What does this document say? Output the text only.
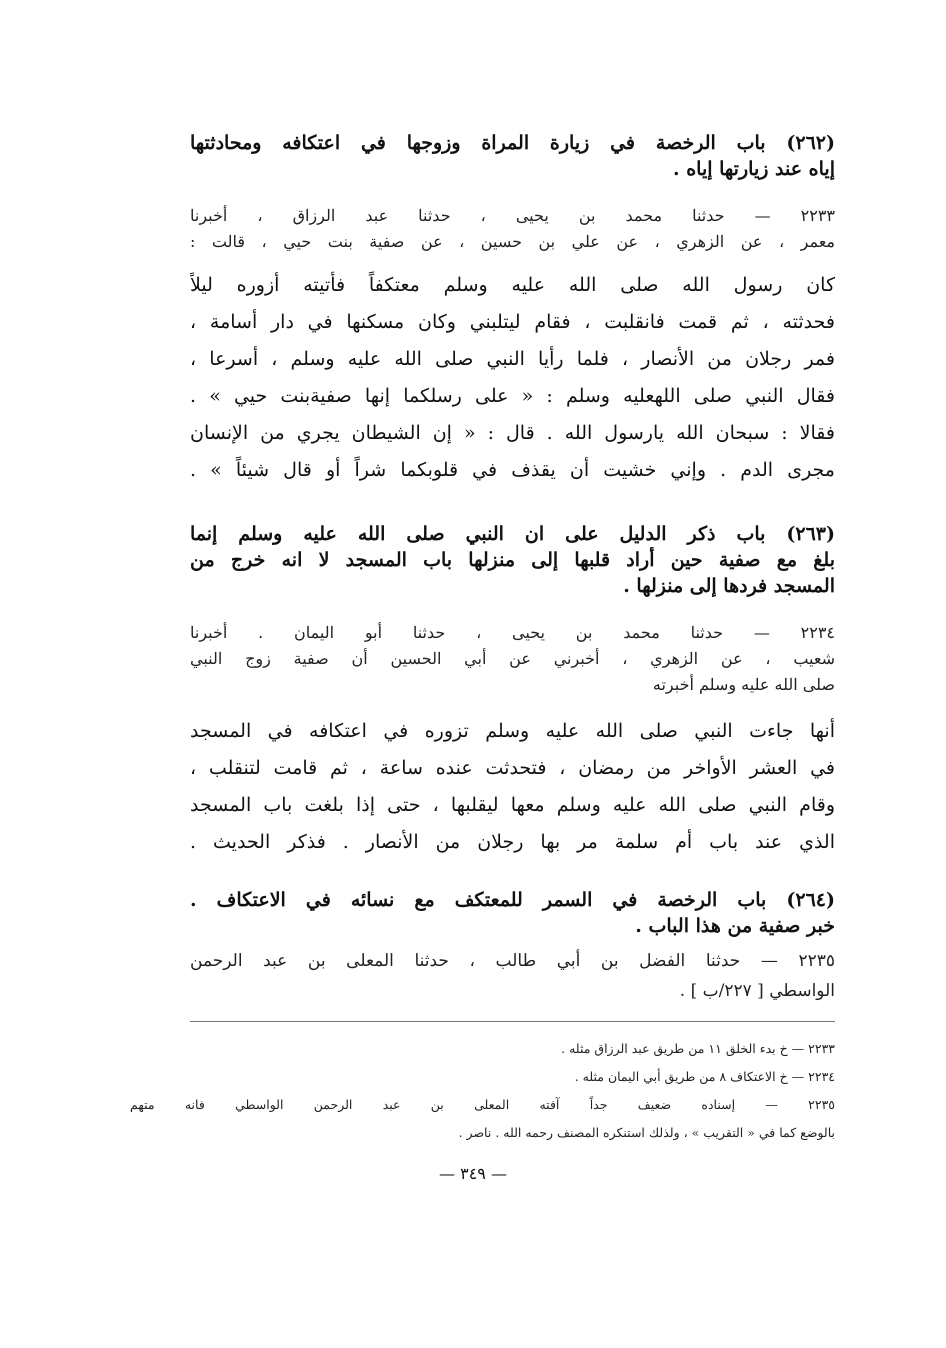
(٢٦٢) باب الرخصة في زيارة المراة وزوجها في اعتكافه ومحادثتها
إياه عند زيارتها إياه .
٢٢٣٣ — حدثنا محمد بن يحيى ، حدثنا عبد الرزاق ، أخبرنا
معمر ، عن الزهري ، عن علي بن حسين ، عن صفية بنت حيي ، قالت :
كان رسول الله صلى الله عليه وسلم معتكفاً فأتيته أزوره ليلاً
فحدثته ، ثم قمت فانقلبت ، فقام ليتلبني وكان مسكنها في دار أسامة ،
فمر رجلان من الأنصار ، فلما رأيا النبي صلى الله عليه وسلم ، أسرعا ،
فقال النبي صلى اللهعليه وسلم : « على رسلكما إنها صفيةبنت حيي » .
فقالا : سبحان الله يارسول الله . قال : « إن الشيطان يجري من الإنسان
مجرى الدم . وإني خشيت أن يقذف في قلوبكما شراً أو قال شيئاً » .
(٢٦٣) باب ذكر الدليل على ان النبي صلى الله عليه وسلم إنما
بلغ مع صفية حين أراد قلبها إلى منزلها باب المسجد لا انه خرج من
المسجد فردها إلى منزلها .
٢٢٣٤ — حدثنا محمد بن يحيى ، حدثنا أبو اليمان . أخبرنا
شعيب ، عن الزهري ، أخبرني عن أبي الحسين أن صفية زوج النبي
صلى الله عليه وسلم أخبرته
أنها جاءت النبي صلى الله عليه وسلم تزوره في اعتكافه في المسجد
في العشر الأواخر من رمضان ، فتحدثت عنده ساعة ، ثم قامت لتنقلب ،
وقام النبي صلى الله عليه وسلم معها ليقلبها ، حتى إذا بلغت باب المسجد
الذي عند باب أم سلمة مر بها رجلان من الأنصار . فذكر الحديث .
(٢٦٤) باب الرخصة في السمر للمعتكف مع نسائه في الاعتكاف .
خبر صفية من هذا الباب .
٢٢٣٥ — حدثنا الفضل بن أبي طالب ، حدثنا المعلى بن عبد الرحمن
الواسطي [ ٢٢٧/ب ] .
٢٢٣٣ — خ بدء الخلق ١١ من طريق عبد الرزاق مثله .
٢٢٣٤ — خ الاعتكاف ٨ من طريق أبي اليمان مثله .
٢٢٣٥ — إسناده ضعيف جداً آفته المعلى بن عبد الرحمن الواسطي فانه متهم
بالوضع كما في « التقريب » ، ولذلك استنكره المصنف رحمه الله . ناصر .
— ٣٤٩ —
